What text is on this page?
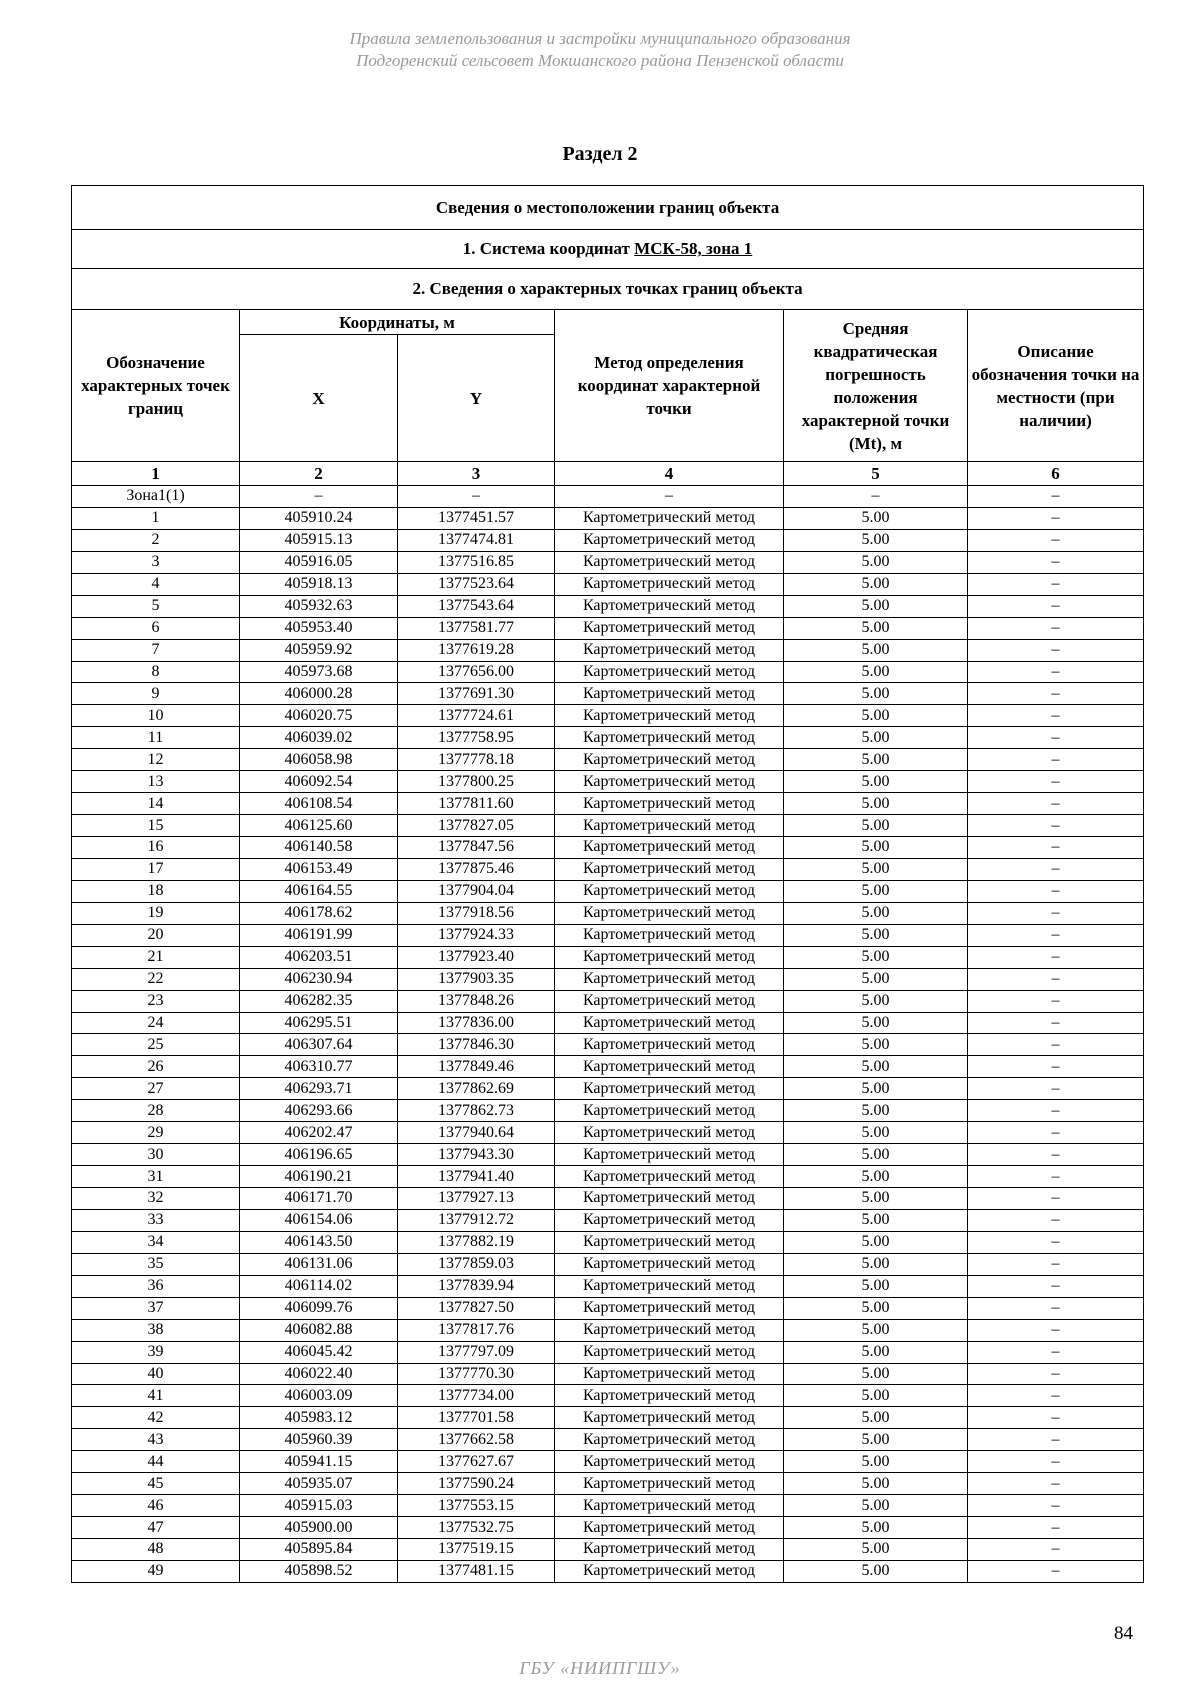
Правила землепользования и застройки муниципального образования
Подгоренский сельсовет Мокшанского района Пензенской области
Раздел 2
Сведения о местоположении границ объекта					
1. Система координат МСК-58, зона 1					
2. Сведения о характерных точках границ объекта					
Обозначение характерных точек границ	Координаты, м		Метод определения координат характерной точки	Средняя квадратическая погрешность положения характерной точки (Mt), м	Описание обозначения точки на местности (при наличии)
	X	Y			
1	2	3	4	5	6
Зона1(1)	–	–	–	–	–
1	405910.24	1377451.57	Картометрический метод	5.00	–
2	405915.13	1377474.81	Картометрический метод	5.00	–
3	405916.05	1377516.85	Картометрический метод	5.00	–
4	405918.13	1377523.64	Картометрический метод	5.00	–
5	405932.63	1377543.64	Картометрический метод	5.00	–
6	405953.40	1377581.77	Картометрический метод	5.00	–
7	405959.92	1377619.28	Картометрический метод	5.00	–
8	405973.68	1377656.00	Картометрический метод	5.00	–
9	406000.28	1377691.30	Картометрический метод	5.00	–
10	406020.75	1377724.61	Картометрический метод	5.00	–
11	406039.02	1377758.95	Картометрический метод	5.00	–
12	406058.98	1377778.18	Картометрический метод	5.00	–
13	406092.54	1377800.25	Картометрический метод	5.00	–
14	406108.54	1377811.60	Картометрический метод	5.00	–
15	406125.60	1377827.05	Картометрический метод	5.00	–
16	406140.58	1377847.56	Картометрический метод	5.00	–
17	406153.49	1377875.46	Картометрический метод	5.00	–
18	406164.55	1377904.04	Картометрический метод	5.00	–
19	406178.62	1377918.56	Картометрический метод	5.00	–
20	406191.99	1377924.33	Картометрический метод	5.00	–
21	406203.51	1377923.40	Картометрический метод	5.00	–
22	406230.94	1377903.35	Картометрический метод	5.00	–
23	406282.35	1377848.26	Картометрический метод	5.00	–
24	406295.51	1377836.00	Картометрический метод	5.00	–
25	406307.64	1377846.30	Картометрический метод	5.00	–
26	406310.77	1377849.46	Картометрический метод	5.00	–
27	406293.71	1377862.69	Картометрический метод	5.00	–
28	406293.66	1377862.73	Картометрический метод	5.00	–
29	406202.47	1377940.64	Картометрический метод	5.00	–
30	406196.65	1377943.30	Картометрический метод	5.00	–
31	406190.21	1377941.40	Картометрический метод	5.00	–
32	406171.70	1377927.13	Картометрический метод	5.00	–
33	406154.06	1377912.72	Картометрический метод	5.00	–
34	406143.50	1377882.19	Картометрический метод	5.00	–
35	406131.06	1377859.03	Картометрический метод	5.00	–
36	406114.02	1377839.94	Картометрический метод	5.00	–
37	406099.76	1377827.50	Картометрический метод	5.00	–
38	406082.88	1377817.76	Картометрический метод	5.00	–
39	406045.42	1377797.09	Картометрический метод	5.00	–
40	406022.40	1377770.30	Картометрический метод	5.00	–
41	406003.09	1377734.00	Картометрический метод	5.00	–
42	405983.12	1377701.58	Картометрический метод	5.00	–
43	405960.39	1377662.58	Картометрический метод	5.00	–
44	405941.15	1377627.67	Картометрический метод	5.00	–
45	405935.07	1377590.24	Картометрический метод	5.00	–
46	405915.03	1377553.15	Картометрический метод	5.00	–
47	405900.00	1377532.75	Картометрический метод	5.00	–
48	405895.84	1377519.15	Картометрический метод	5.00	–
49	405898.52	1377481.15	Картометрический метод	5.00	–
84
ГБУ «НИИПГШУ»
